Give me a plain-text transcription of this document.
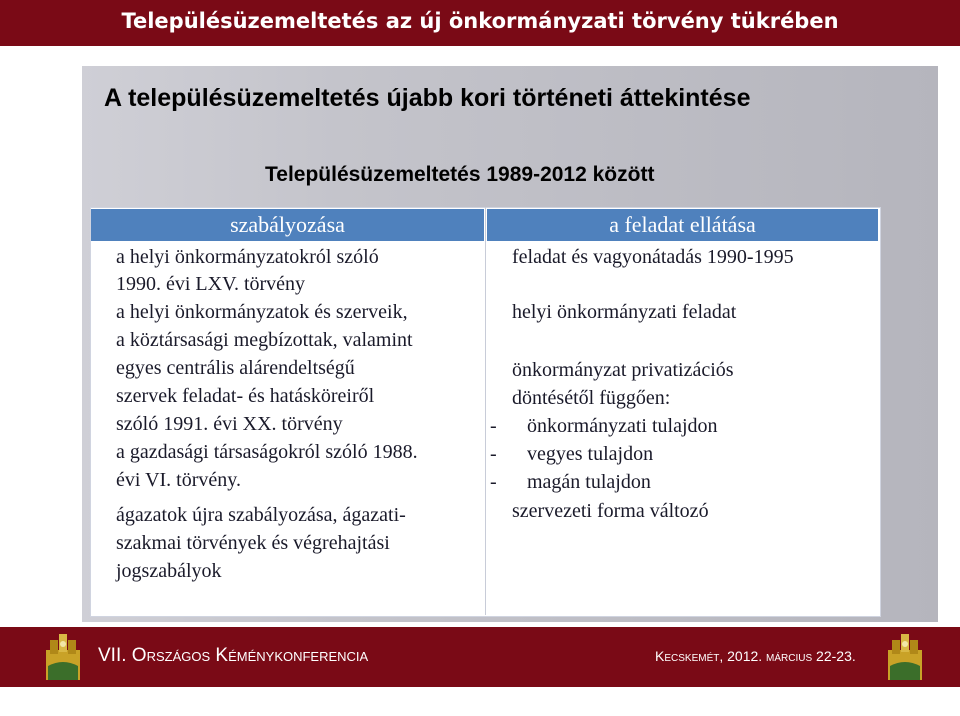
Településüzemeltetés az új önkormányzati törvény tükrében
A településüzemeltetés újabb kori történeti áttekintése
Településüzemeltetés 1989-2012 között
szabályozása	a feladat ellátása
a helyi önkormányzatokról szóló
1990. évi LXV. törvény
a helyi önkormányzatok és szerveik,
a köztársasági megbízottak, valamint
egyes centrális alárendeltségű
szervek feladat- és hatásköreiről
szóló 1991. évi XX. törvény
a gazdasági társaságokról szóló 1988.
évi VI. törvény.
ágazatok újra szabályozása, ágazati-
szakmai törvények és végrehajtási
jogszabályok
feladat és vagyonátadás 1990-1995
helyi önkormányzati feladat
önkormányzat privatizációs
döntésétől függően:
- önkormányzati tulajdon
- vegyes tulajdon
- magán tulajdon
szervezeti forma változó
VII. Országos Kéménykonferencia	Kecskemét, 2012. március 22-23.
